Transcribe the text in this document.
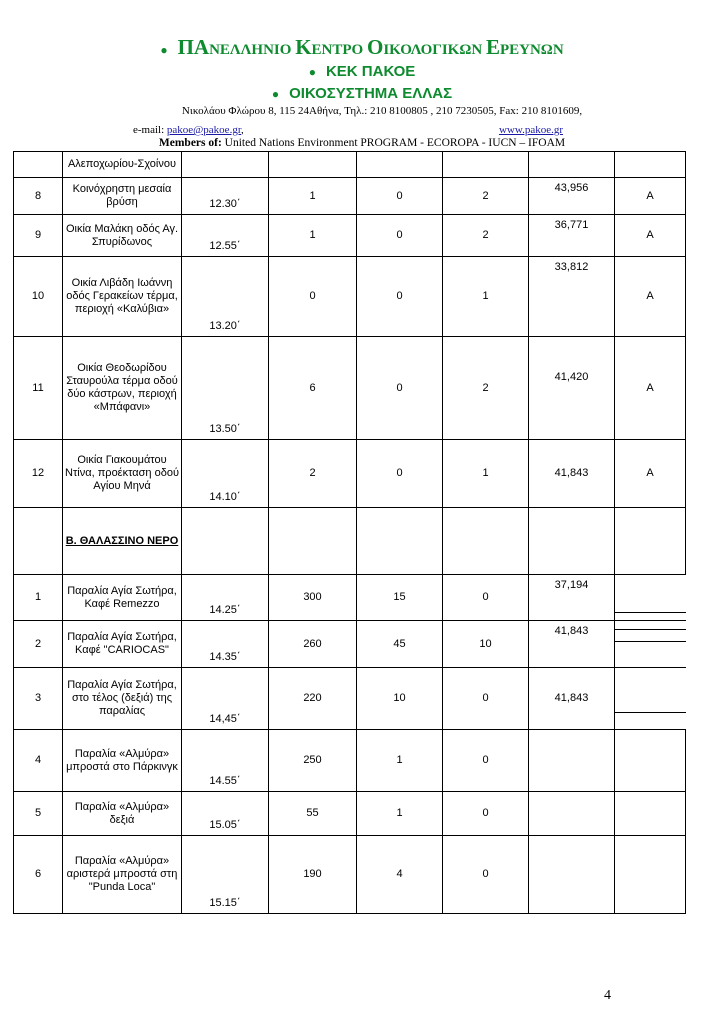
● ΠΑΝΕΛΛΗΝΙΟ ΚΕΝΤΡΟ ΟΙΚΟΛΟΓΙΚΩΝ ΕΡΕΥΝΩΝ
● ΚΕΚ ΠΑΚΟΕ
● ΟΙΚΟΣΥΣΤΗΜΑ ΕΛΛΑΣ
Νικολάου Φλώρου 8, 115 24Αθήνα, Τηλ.: 210 8100805 , 210 7230505, Fax: 210 8101609,
e-mail: pakoe@pakoe.gr,	www.pakoe.gr
Members of: United Nations Environment PROGRAM - ECOROPA - IUCN – IFOAM
	Αλεποχωρίου-Σχοίνου						
8	Κοινόχρηστη μεσαία βρύση	12.30΄	1	0	2	43,956	Α
9	Οικία Μαλάκη οδός Αγ. Σπυρίδωνος	12.55΄	1	0	2	36,771	Α
10	Οικία Λιβάδη Ιωάννη οδός Γερακείων τέρμα, περιοχή «Καλύβια»	13.20΄	0	0	1	33,812	Α
11	Οικία Θεοδωρίδου Σταυρούλα τέρμα οδού δύο κάστρων, περιοχή «Μπάφανι»	13.50΄	6	0	2	41,420	Α
12	Οικία Γιακουμάτου Ντίνα, προέκταση οδού Αγίου Μηνά	14.10΄	2	0	1	41,843	Α
	Β. ΘΑΛΑΣΣΙΝΟ ΝΕΡΟ						
1	Παραλία Αγία Σωτήρα, Καφέ Remezzo	14.25΄	300	15	0	37,194	

2	Παραλία Αγία Σωτήρα, Καφέ "CARIOCAS"	14.35΄	260	45	10	41,843	

3	Παραλία Αγία Σωτήρα, στο τέλος (δεξιά) της παραλίας	14,45΄	220	10	0	41,843	

4	Παραλία «Αλμύρα» μπροστά στο Πάρκινγκ	14.55΄	250	1	0		
5	Παραλία «Αλμύρα» δεξιά	15.05΄	55	1	0		
6	Παραλία «Αλμύρα» αριστερά μπροστά στη "Punda Loca"	15.15΄	190	4	0		
4
